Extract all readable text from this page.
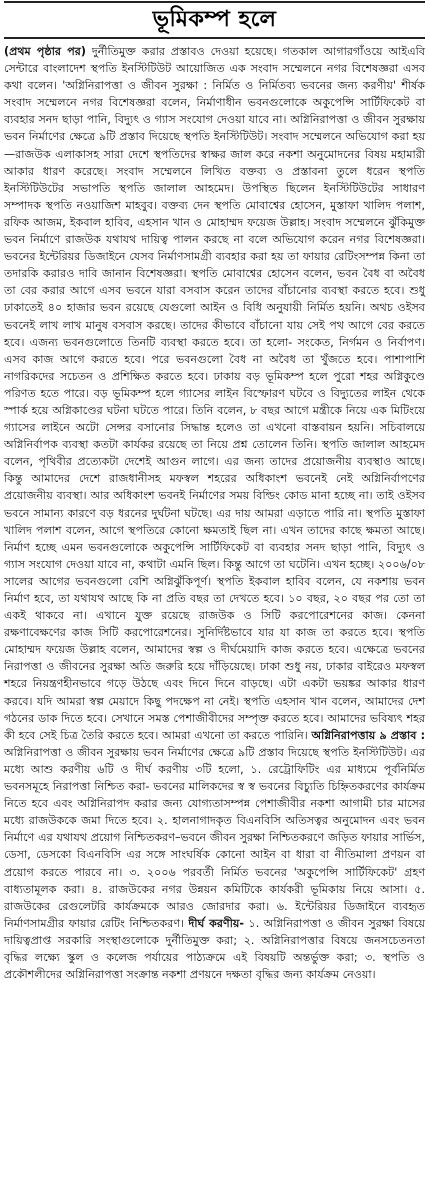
ভূমিকম্প হলে

(প্রথম পৃষ্ঠার পর) দুর্নীতিমুক্ত করার প্রস্তাবও দেওয়া হয়েছে। গতকাল আগারগাঁওয়ে আইএবি সেন্টারে বাংলাদেশ স্থপতি ইনস্টিটিউট আয়োজিত এক সংবাদ সম্মেলনে নগর বিশেষজ্ঞরা এসব কথা বলেন। 'অগ্নিনিরাপত্তা ও জীবন সুরক্ষা : নির্মিত ও নির্মিতব্য ভবনের জন্য করণীয়' শীর্ষক সংবাদ সম্মেলনে নগর বিশেষজ্ঞরা বলেন, নির্মাণাধীন ভবনগুলোকে অকুপেন্সি সার্টিফিকেট বা ব্যবহার সনদ ছাড়া পানি, বিদ্যুৎ ও গ্যাস সংযোগ দেওয়া যাবে না। অগ্নিনিরাপত্তা ও জীবন সুরক্ষায় ভবন নির্মাণের ক্ষেত্রে ৯টি প্রস্তাব দিয়েছে স্থপতি ইনস্টিটিউট। সংবাদ সম্মেলনে অভিযোগ করা হয়—রাজউক এলাকাসহ সারা দেশে স্থপতিদের স্বাক্ষর জাল করে নকশা অনুমোদনের বিষয় মহামারী আকার ধারণ করেছে। সংবাদ সম্মেলনে লিখিত বক্তব্য ও প্রস্তাবনা তুলে ধরেন স্থপতি ইনস্টিটিউটের সভাপতি স্থপতি জালাল আহমেদ। উপস্থিত ছিলেন ইনস্টিটিউটের সাধারণ সম্পাদক স্থপতি নওয়াজিশ মাহবুব। বক্তব্য দেন স্থপতি মোবাশ্বের হোসেন, মুস্তাফা খালিদ পলাশ, রফিক আজম, ইকবাল হাবিব, এহসান খান ও মোহাম্মদ ফয়েজ উল্লাহ। সংবাদ সম্মেলনে ঝুঁকিমুক্ত ভবন নির্মাণে রাজউক যথাযথ দায়িত্ব পালন করছে না বলে অভিযোগ করেন নগর বিশেষজ্ঞরা। ভবনের ইন্টেরিয়র ডিজাইনে যেসব নির্মাণসামগ্রী ব্যবহার করা হয় তা ফায়ার রেটিংসম্পন্ন কিনা তা তদারকি করারও দাবি জানান বিশেষজ্ঞরা। স্থপতি মোবাশ্বের হোসেন বলেন, ভবন বৈধ বা অবৈধ তা বের করার আগে এসব ভবনে যারা বসবাস করেন তাদের বাঁচানোর ব্যবস্থা করতে হবে। শুধু ঢাকাতেই ৪০ হাজার ভবন রয়েছে যেগুলো আইন ও বিধি অনুযায়ী নির্মিত হয়নি। অথচ ওইসব ভবনেই লাখ লাখ মানুষ বসবাস করছে। তাদের কীভাবে বাঁচানো যায় সেই পথ আগে বের করতে হবে। এজন্য ভবনগুলোতে তিনটি ব্যবস্থা করতে হবে। তা হলো- সংকেত, নির্গমন ও নির্বাপণ। এসব কাজ আগে করতে হবে। পরে ভবনগুলো বৈধ না অবৈধ তা খুঁজতে হবে। পাশাপাশি নাগরিকদের সচেতন ও প্রশিক্ষিত করতে হবে। ঢাকায় বড় ভূমিকম্প হলে পুরো শহর অগ্নিকুণ্ডে পরিণত হতে পারে। বড় ভূমিকম্প হলে গ্যাসের লাইন বিস্ফোরণ ঘটবে ও বিদ্যুতের লাইন থেকে স্পার্ক হয়ে অগ্নিকাণ্ডের ঘটনা ঘটতে পারে। তিনি বলেন, ৮ বছর আগে মন্ত্রীকে নিয়ে এক মিটিংয়ে গ্যাসের লাইনে অটো সেন্সর বসানোর সিদ্ধান্ত হলেও তা এখনো বাস্তবায়ন হয়নি। সচিবালয়ে অগ্নিনির্বাপক ব্যবস্থা কতটা কার্যকর রয়েছে তা নিয়ে প্রশ্ন তোলেন তিনি। স্থপতি জালাল আহমেদ বলেন, পৃথিবীর প্রত্যেকটা দেশেই আগুন লাগে। এর জন্য তাদের প্রয়োজনীয় ব্যবস্থাও আছে। কিন্তু আমাদের দেশে রাজধানীসহ মফস্বল শহরের অধিকাংশ ভবনেই নেই অগ্নিনির্বাপণের প্রয়োজনীয় ব্যবস্থা। আর অধিকাংশ ভবনই নির্মাণের সময় বিল্ডিং কোড মানা হচ্ছে না। তাই ওইসব ভবনে সামান্য কারণে বড় ধরনের দুর্ঘটনা ঘটছে। এর দায় আমরা এড়াতে পারি না। স্থপতি মুস্তাফা খালিদ পলাশ বলেন, আগে স্থপতিরে কোনো ক্ষমতাই ছিল না। এখন তাদের কাছে ক্ষমতা আছে। নির্মাণ হচ্ছে এমন ভবনগুলোকে অকুপেন্সি সার্টিফিকেট বা ব্যবহার সনদ ছাড়া পানি, বিদ্যুৎ ও গ্যাস সংযোগ দেওয়া যাবে না, কথাটা এমনি ছিল। কিন্তু আগে তা ঘটেনি। এখন হচ্ছে। ২০০৬/০৮ সালের আগের ভবনগুলো বেশি অগ্নিঝুঁকিপূর্ণ। স্থপতি ইকবাল হাবিব বলেন, যে নকশায় ভবন নির্মাণ হবে, তা যথাযথ আছে কি না প্রতি বছর তা দেখতে হবে। ১০ বছর, ২০ বছর পর তো তা একই থাকবে না। এখানে যুক্ত রয়েছে রাজউক ও সিটি করপোরেশনের কাজ। কেননা রক্ষণাবেক্ষণের কাজ সিটি করপোরেশনের। সুনির্দিষ্টভাবে যার যা কাজ তা করতে হবে। স্থপতি মোহাম্মদ ফয়েজ উল্লাহ বলেন, আমাদের স্বল্প ও দীর্ঘমেয়াদি কাজ করতে হবে। এক্ষেত্রে ভবনের নিরাপত্তা ও জীবনের সুরক্ষা অতি জরুরি হয়ে দাঁড়িয়েছে। ঢাকা শুধু নয়, ঢাকার বাইরেও মফস্বল শহরে নিয়ন্ত্রণহীনভাবে গড়ে উঠছে এবং দিনে দিনে বাড়ছে। এটা একটা ভয়ঙ্কর আকার ধারণ করবে। যদি আমরা স্বল্প মেয়াদে কিছু পদক্ষেপ না নেই। স্থপতি এহসান খান বলেন, আমাদের দেশ গঠনের ডাক দিতে হবে। সেখানে সমস্ত পেশাজীবীদের সম্পৃক্ত করতে হবে। আমাদের ভবিষ্যৎ শহর কী হবে সেই চিত্র তৈরি করতে হবে। আমরা এখনো তা করতে পারিনি। অগ্নিনিরাপত্তায় ৯ প্রস্তাব : অগ্নিনিরাপত্তা ও জীবন সুরক্ষায় ভবন নির্মাণের ক্ষেত্রে ৯টি প্রস্তাব দিয়েছে স্থপতি ইনস্টিটিউট। এর মধ্যে আশু করণীয় ৬টি ও দীর্ঘ করণীয় ৩টি হলো, ১. রেট্রোফিটিং এর মাধ্যমে পূর্বনির্মিত ভবনসমূহে নিরাপত্তা নিশ্চিত করা- ভবনের মালিকদের স্ব স্ব ভবনের বিচ্যুতি চিহ্নিতকরণের কার্যক্রম নিতে হবে এবং অগ্নিনিরাপদ করার জন্য যোগ্যতাসম্পন্ন পেশাজীবীর নকশা আগামী চার মাসের মধ্যে রাজউককে জমা দিতে হবে। ২. হালনাগাদকৃত বিএনবিসি অতিসত্বর অনুমোদন এবং ভবন নির্মাণে এর যথাযথ প্রয়োগ নিশ্চিতকরণ–ভবনে জীবন সুরক্ষা নিশ্চিতকরণে জড়িত ফায়ার সার্ভিস, ডেসা, ডেসকো বিএনবিসি এর সঙ্গে সাংঘর্ষিক কোনো আইন বা ধারা বা নীতিমালা প্রণয়ন বা প্রয়োগ করতে পারবে না। ৩. ২০০৬ পরবর্তী নির্মিত ভবনের 'অকুপেন্সি সার্টিফিকেট' গ্রহণ বাধ্যতামূলক করা। ৪. রাজউকের নগর উন্নয়ন কমিটিকে কার্যকরী ভূমিকায় নিয়ে আসা। ৫. রাজউকের রেগুলেটরি কার্যক্রমকে আরও জোরদার করা। ৬. ইন্টেরিয়র ডিজাইনে ব্যবহৃত নির্মাণসামগ্রীর ফায়ার রেটিং নিশ্চিতকরণ। দীর্ঘ করণীয়- ১. অগ্নিনিরাপত্তা ও জীবন সুরক্ষা বিষয়ে দায়িত্বপ্রাপ্ত সরকারি সংস্থাগুলোকে দুর্নীতিমুক্ত করা; ২. অগ্নিনিরাপত্তার বিষয়ে জনসচেতনতা বৃদ্ধির লক্ষ্যে স্কুল ও কলেজ পর্যায়ের পাঠ্যক্রমে এই বিষয়টি অন্তর্ভুক্ত করা; ৩. স্থপতি ও প্রকৌশলীদের অগ্নিনিরাপত্তা সংক্রান্ত নকশা প্রণয়নে দক্ষতা বৃদ্ধির জন্য কার্যক্রম নেওয়া।
